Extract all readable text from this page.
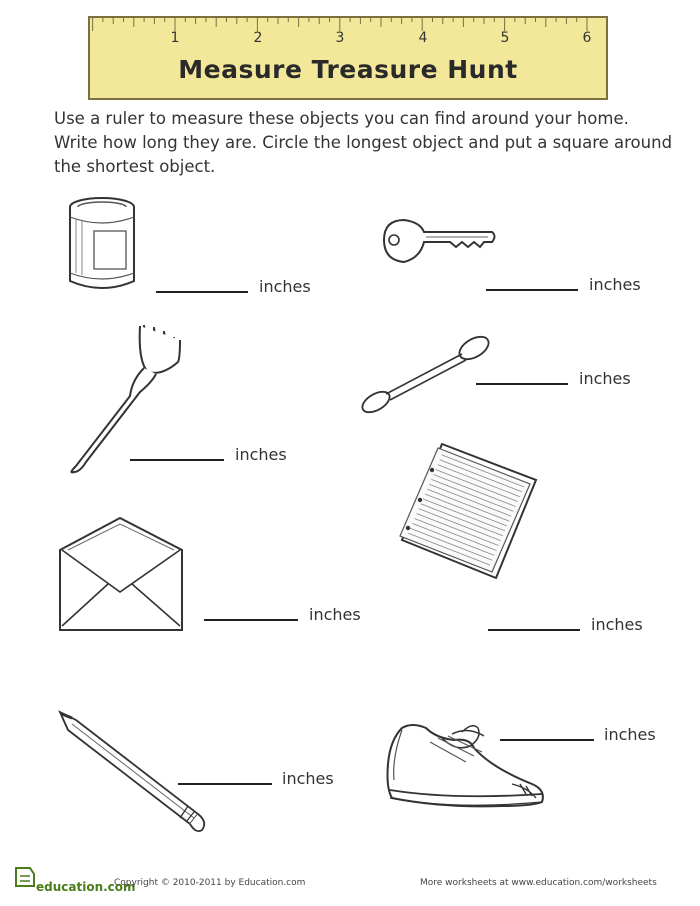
1	2	3	4	5	6
Measure Treasure Hunt

Use a ruler to measure these objects you can find around your home. Write how long they are. Circle the longest object and put a square around the shortest object.

inches	inches
inches
inches
inches
inches
inches
inches
education.com
Copyright © 2010-2011 by Education.com	More worksheets at www.education.com/worksheets
